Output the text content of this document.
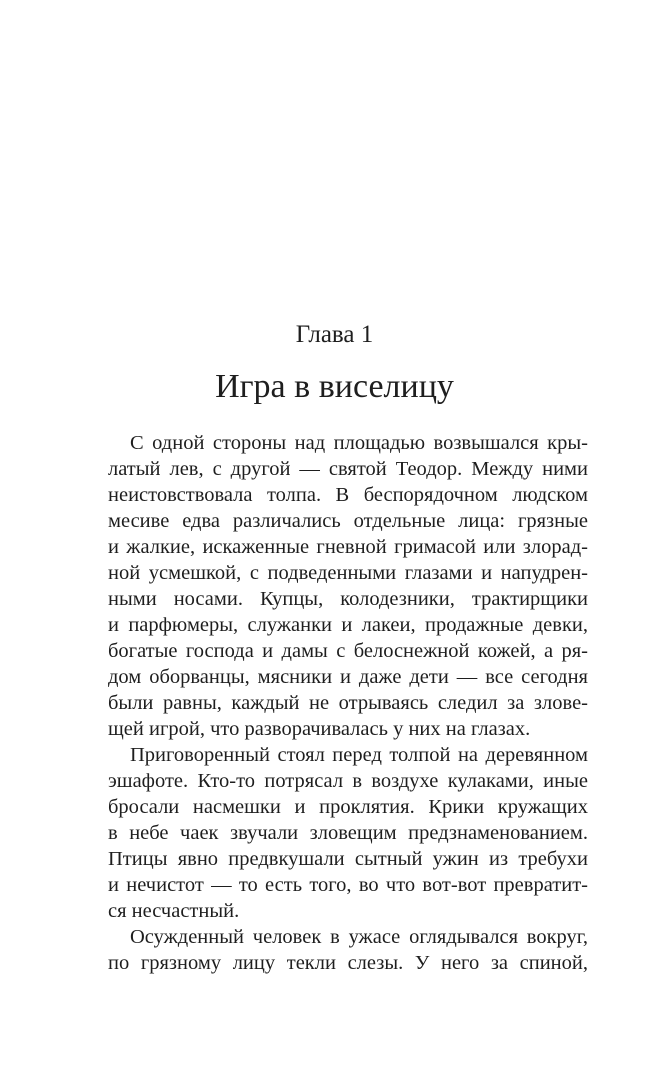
Глава 1
Игра в виселицу
С одной стороны над площадью возвышался кры-
латый лев, с другой — святой Теодор. Между ними
неистовствовала толпа. В беспорядочном людском
месиве едва различались отдельные лица: грязные
и жалкие, искаженные гневной гримасой или злорад-
ной усмешкой, с подведенными глазами и напудрен-
ными носами. Купцы, колодезники, трактирщики
и парфюмеры, служанки и лакеи, продажные девки,
богатые господа и дамы с белоснежной кожей, а ря-
дом оборванцы, мясники и даже дети — все сегодня
были равны, каждый не отрываясь следил за злове-
щей игрой, что разворачивалась у них на глазах.
Приговоренный стоял перед толпой на деревянном
эшафоте. Кто-то потрясал в воздухе кулаками, иные
бросали насмешки и проклятия. Крики кружащих
в небе чаек звучали зловещим предзнаменованием.
Птицы явно предвкушали сытный ужин из требухи
и нечистот — то есть того, во что вот-вот превратит-
ся несчастный.
Осужденный человек в ужасе оглядывался вокруг,
по грязному лицу текли слезы. У него за спиной,
